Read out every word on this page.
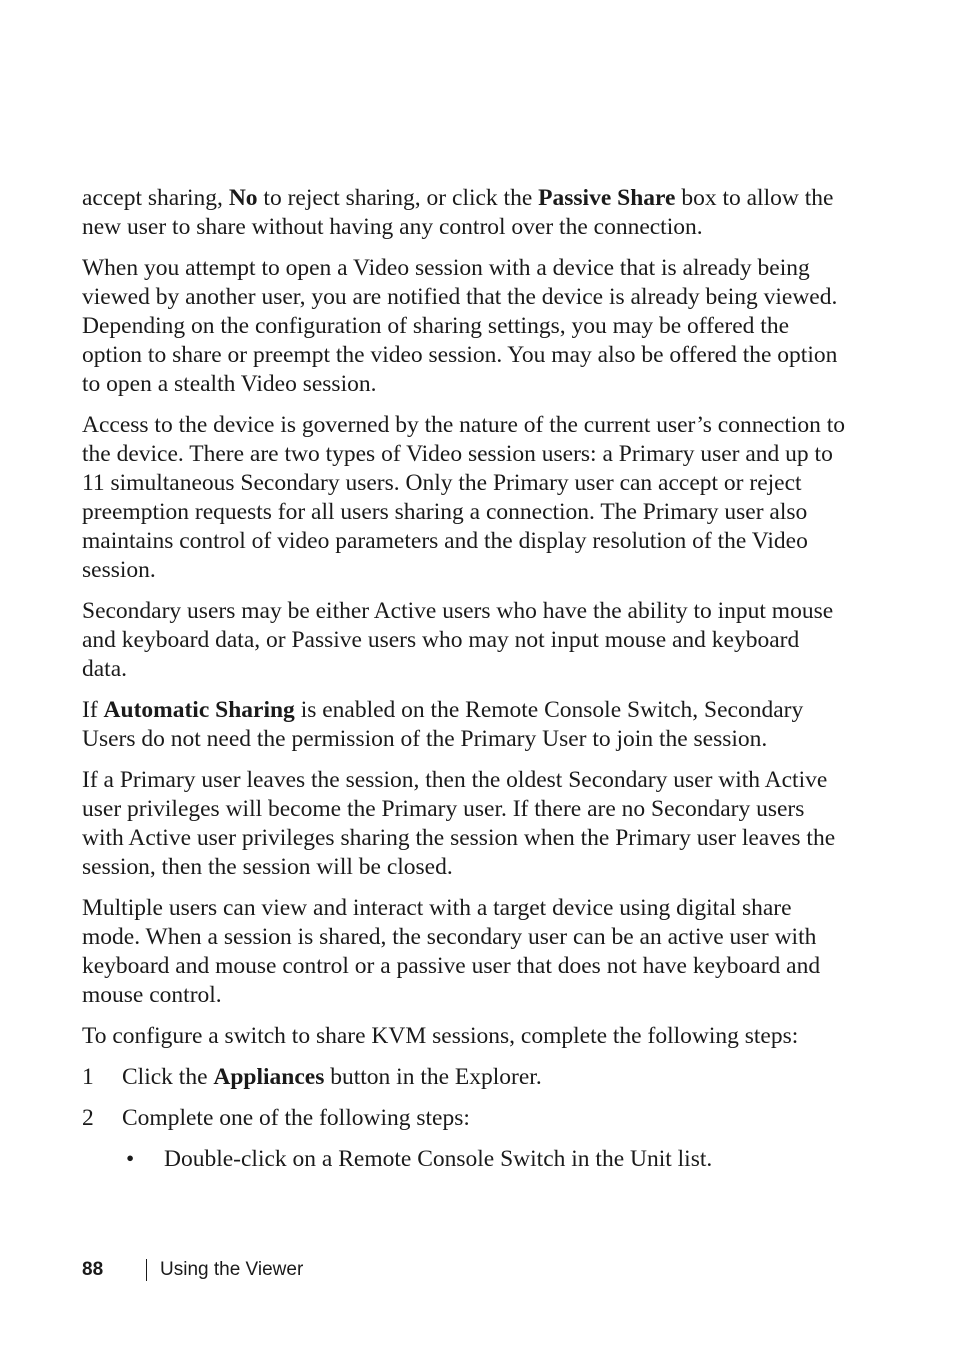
accept sharing, No to reject sharing, or click the Passive Share box to allow the new user to share without having any control over the connection.

When you attempt to open a Video session with a device that is already being viewed by another user, you are notified that the device is already being viewed. Depending on the configuration of sharing settings, you may be offered the option to share or preempt the video session. You may also be offered the option to open a stealth Video session.

Access to the device is governed by the nature of the current user’s connection to the device. There are two types of Video session users: a Primary user and up to 11 simultaneous Secondary users. Only the Primary user can accept or reject preemption requests for all users sharing a connection. The Primary user also maintains control of video parameters and the display resolution of the Video session.

Secondary users may be either Active users who have the ability to input mouse and keyboard data, or Passive users who may not input mouse and keyboard data.

If Automatic Sharing is enabled on the Remote Console Switch, Secondary Users do not need the permission of the Primary User to join the session.

If a Primary user leaves the session, then the oldest Secondary user with Active user privileges will become the Primary user. If there are no Secondary users with Active user privileges sharing the session when the Primary user leaves the session, then the session will be closed.

Multiple users can view and interact with a target device using digital share mode. When a session is shared, the secondary user can be an active user with keyboard and mouse control or a passive user that does not have keyboard and mouse control.

To configure a switch to share KVM sessions, complete the following steps:

1 Click the Appliances button in the Explorer.
2 Complete one of the following steps:
• Double-click on a Remote Console Switch in the Unit list.
88	Using the Viewer
